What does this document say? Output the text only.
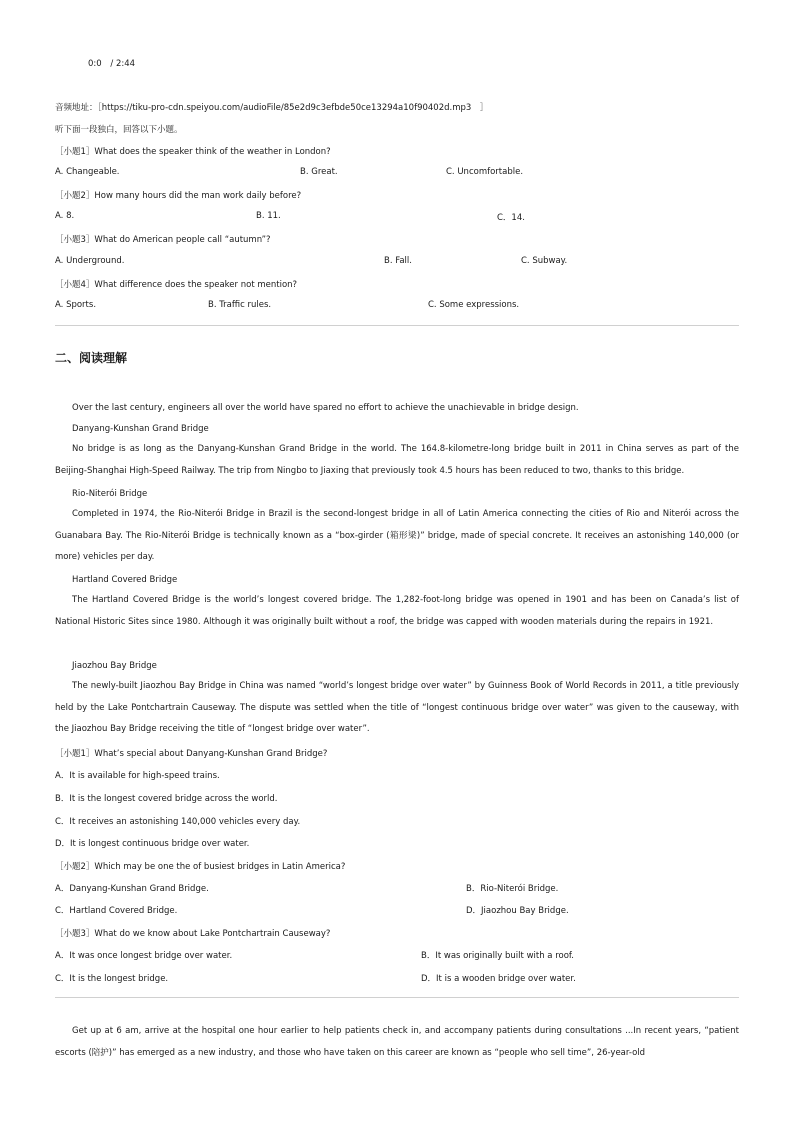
0:0 / 2:44
音频地址：［https://tiku-pro-cdn.speiyou.com/audioFile/85e2d9c3efbde50ce13294a10f90402d.mp3　］
听下面一段独白，回答以下小题。
［小题1］What does the speaker think of the weather in London?
A. Changeable.	B. Great.	C. Uncomfortable.
［小题2］How many hours did the man work daily before?
A. 8.	B. 11.	C．14.
［小题3］What do American people call “autumn”?
A. Underground.	B. Fall.	C. Subway.
［小题4］What difference does the speaker not mention?
A. Sports.	B. Traffic rules.	C. Some expressions.
二、阅读理解
Over the last century, engineers all over the world have spared no effort to achieve the unachievable in bridge design.
Danyang-Kunshan Grand Bridge
No bridge is as long as the Danyang-Kunshan Grand Bridge in the world. The 164.8-kilometre-long bridge built in 2011 in China serves as part of the Beijing-Shanghai High-Speed Railway. The trip from Ningbo to Jiaxing that previously took 4.5 hours has been reduced to two, thanks to this bridge.
Rio-Niterói Bridge
Completed in 1974, the Rio-Niterói Bridge in Brazil is the second-longest bridge in all of Latin America connecting the cities of Rio and Niterói across the Guanabara Bay. The Rio-Niterói Bridge is technically known as a “box-girder (箱形梁)” bridge, made of special concrete. It receives an astonishing 140,000 (or more) vehicles per day.
Hartland Covered Bridge
The Hartland Covered Bridge is the world’s longest covered bridge. The 1,282-foot-long bridge was opened in 1901 and has been on Canada’s list of National Historic Sites since 1980. Although it was originally built without a roof, the bridge was capped with wooden materials during the repairs in 1921.
Jiaozhou Bay Bridge
The newly-built Jiaozhou Bay Bridge in China was named “world’s longest bridge over water” by Guinness Book of World Records in 2011, a title previously held by the Lake Pontchartrain Causeway. The dispute was settled when the title of “longest continuous bridge over water” was given to the causeway, with the Jiaozhou Bay Bridge receiving the title of “longest bridge over water”.
［小题1］What’s special about Danyang-Kunshan Grand Bridge?
A．It is available for high-speed trains.
B．It is the longest covered bridge across the world.
C．It receives an astonishing 140,000 vehicles every day.
D．It is longest continuous bridge over water.
［小题2］Which may be one the of busiest bridges in Latin America?
A．Danyang-Kunshan Grand Bridge.	B．Rio-Niterói Bridge.
C．Hartland Covered Bridge.	D．Jiaozhou Bay Bridge.
［小题3］What do we know about Lake Pontchartrain Causeway?
A．It was once longest bridge over water.	B．It was originally built with a roof.
C．It is the longest bridge.	D．It is a wooden bridge over water.
Get up at 6 am, arrive at the hospital one hour earlier to help patients check in, and accompany patients during consultations ...In recent years, “patient escorts (陪护)” has emerged as a new industry, and those who have taken on this career are known as “people who sell time”, 26-year-old
